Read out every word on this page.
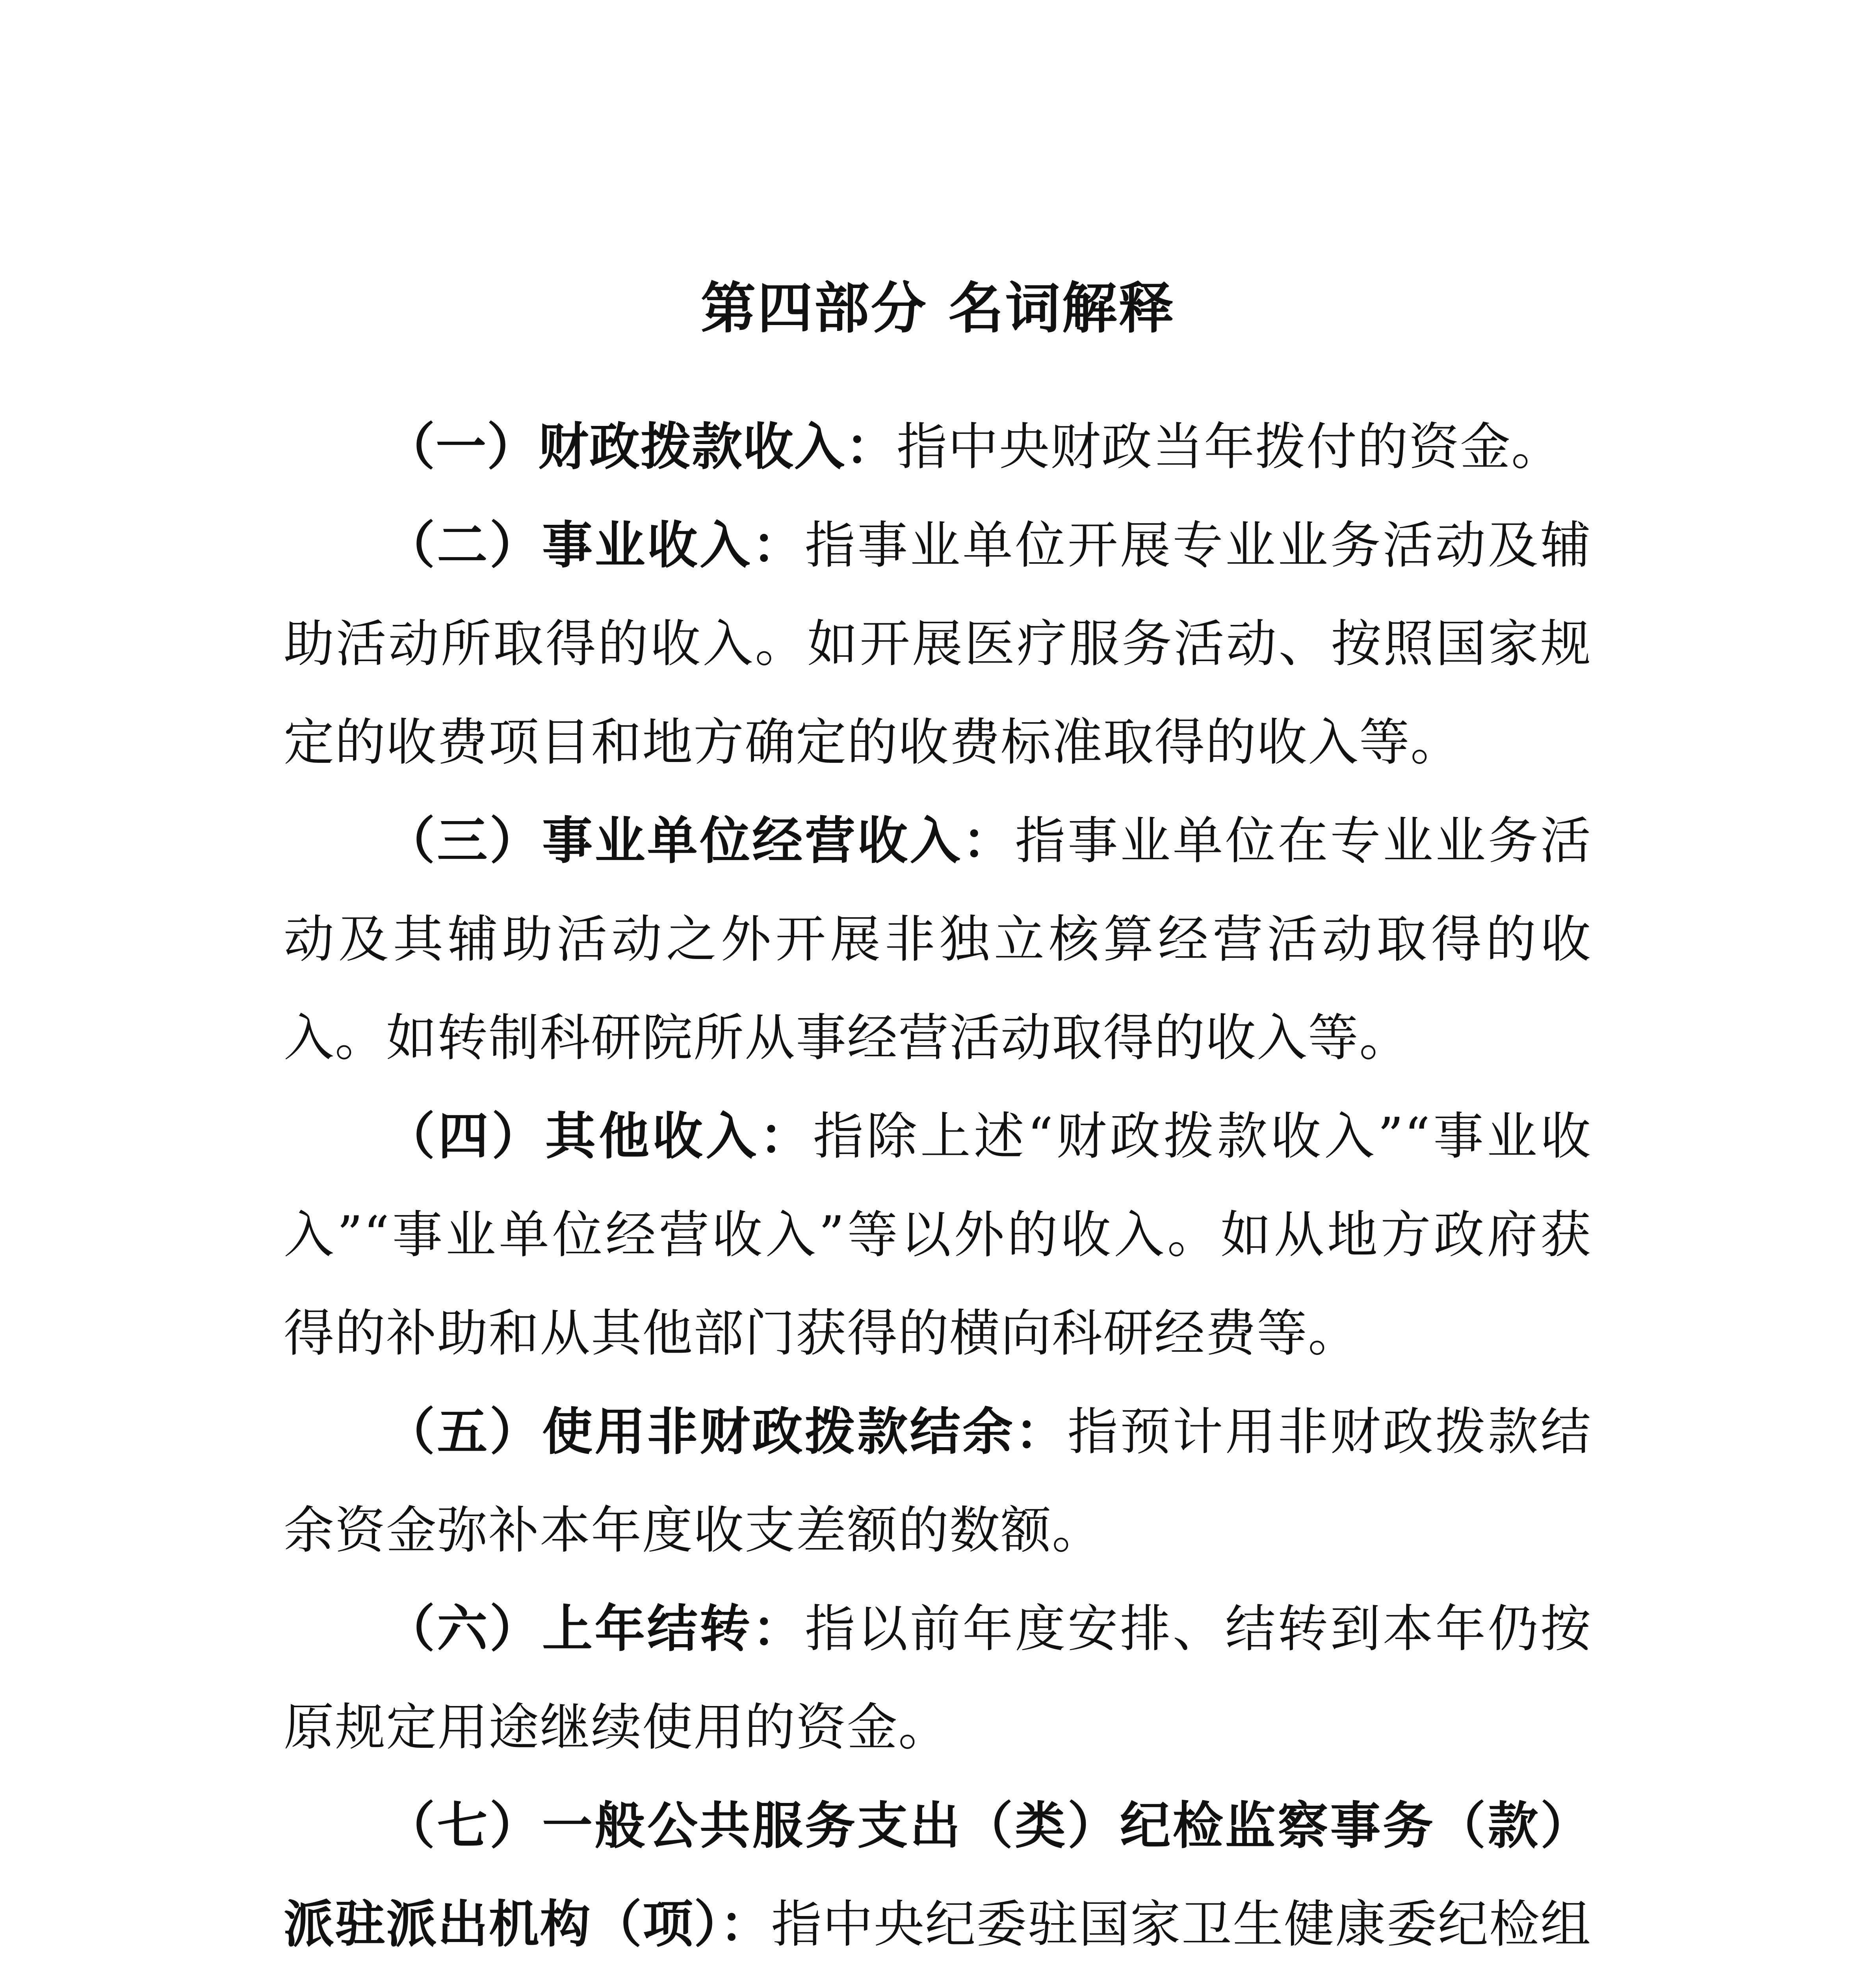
第四部分 名词解释

（一）财政拨款收入：指中央财政当年拨付的资金。

（二）事业收入：指事业单位开展专业业务活动及辅助活动所取得的收入。如开展医疗服务活动、按照国家规定的收费项目和地方确定的收费标准取得的收入等。

（三）事业单位经营收入：指事业单位在专业业务活动及其辅助活动之外开展非独立核算经营活动取得的收入。如转制科研院所从事经营活动取得的收入等。

（四）其他收入：指除上述“财政拨款收入”“事业收入”“事业单位经营收入”等以外的收入。如从地方政府获得的补助和从其他部门获得的横向科研经费等。

（五）使用非财政拨款结余：指预计用非财政拨款结余资金弥补本年度收支差额的数额。

（六）上年结转：指以前年度安排、结转到本年仍按原规定用途继续使用的资金。

（七）一般公共服务支出（类）纪检监察事务（款）派驻派出机构（项）：指中央纪委驻国家卫生健康委纪检组
